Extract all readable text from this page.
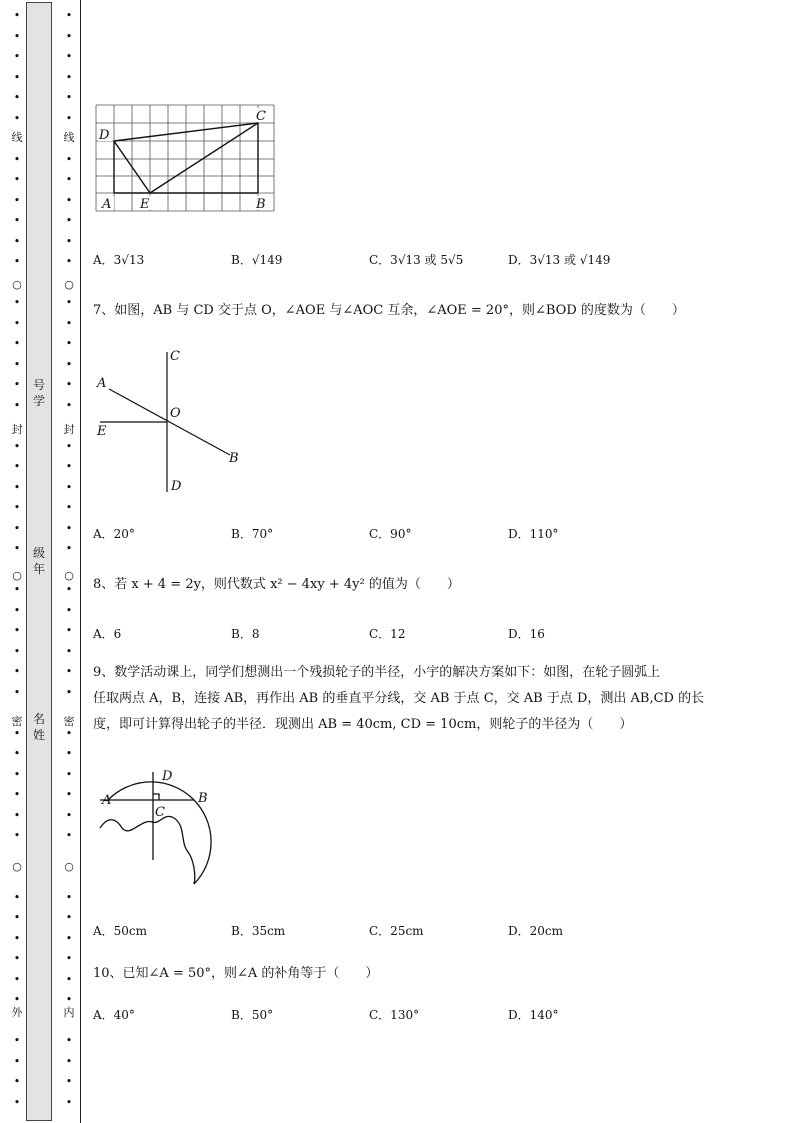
线
○
封
○
密
○
外
•
•
•
•
•
•
•
•
•
•
•
•
•
•
•
•
•
•
•
•
•
•
•
•
•
•
•
•
•
•
•
•
•
•
•
•
•
•
•
•
•
•
•
•
•
•
号
学
级
年
名
姓
线
○
封
○
密
○
内
•
•
•
•
•
•
•
•
•
•
•
•
•
•
•
•
•
•
•
•
•
•
•
•
•
•
•
•
•
•
•
•
•
•
•
•
•
•
•
•
•
•
•
•
•
•
D
C
A E	B
A．3√13	B．√149	C．3√13 或 5√5	D．3√13 或 √149
7、如图，AB 与 CD 交于点 O，∠AOE 与∠AOC 互余，∠AOE = 20°，则∠BOD 的度数为（　　）
C
A
O
E
B
D
A．20°	B．70°	C．90°	D．110°
8、若 x + 4 = 2y，则代数式 x² − 4xy + 4y² 的值为（　　）
A．6	B．8	C．12	D．16
9、数学活动课上，同学们想测出一个残损轮子的半径，小宇的解决方案如下：如图，在轮子圆弧上
任取两点 A，B，连接 AB，再作出 AB 的垂直平分线，交 AB 于点 C，交 AB 于点 D，测出 AB,CD 的长
度，即可计算得出轮子的半径．现测出 AB = 40cm, CD = 10cm，则轮子的半径为（　　）
D
A	B
C
A．50cm	B．35cm	C．25cm	D．20cm
10、已知∠A = 50°，则∠A 的补角等于（　　）
A．40°	B．50°	C．130°	D．140°
